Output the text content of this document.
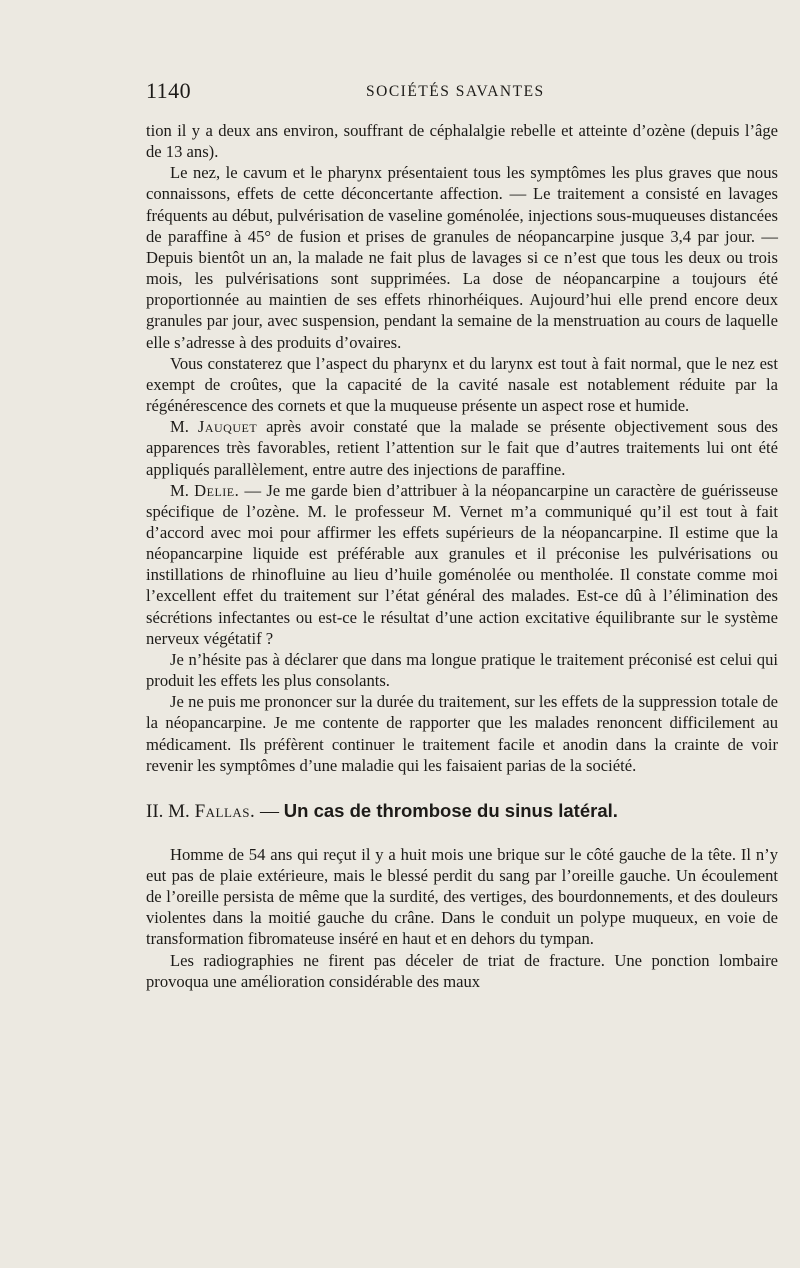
1140	SOCIÉTÉS SAVANTES

tion il y a deux ans environ, souffrant de céphalalgie rebelle et atteinte d’ozène (depuis l’âge de 13 ans).

Le nez, le cavum et le pharynx présentaient tous les symptômes les plus graves que nous connaissons, effets de cette déconcertante affection. — Le traitement a consisté en lavages fréquents au début, pulvérisation de vaseline goménolée, injections sous-muqueuses distancées de paraffine à 45° de fusion et prises de granules de néopancarpine jusque 3,4 par jour. — Depuis bientôt un an, la malade ne fait plus de lavages si ce n’est que tous les deux ou trois mois, les pulvérisations sont supprimées. La dose de néopancarpine a toujours été proportionnée au maintien de ses effets rhinorhéiques. Aujourd’hui elle prend encore deux granules par jour, avec suspension, pendant la semaine de la menstruation au cours de laquelle elle s’adresse à des produits d’ovaires.

Vous constaterez que l’aspect du pharynx et du larynx est tout à fait normal, que le nez est exempt de croûtes, que la capacité de la cavité nasale est notablement réduite par la régénérescence des cornets et que la muqueuse présente un aspect rose et humide.

M. Jauquet après avoir constaté que la malade se présente objectivement sous des apparences très favorables, retient l’attention sur le fait que d’autres traitements lui ont été appliqués parallèlement, entre autre des injections de paraffine.

M. Delie. — Je me garde bien d’attribuer à la néopancarpine un caractère de guérisseuse spécifique de l’ozène. M. le professeur M. Vernet m’a communiqué qu’il est tout à fait d’accord avec moi pour affirmer les effets supérieurs de la néopancarpine. Il estime que la néopancarpine liquide est préférable aux granules et il préconise les pulvérisations ou instillations de rhinofluine au lieu d’huile goménolée ou mentholée. Il constate comme moi l’excellent effet du traitement sur l’état général des malades. Est-ce dû à l’élimination des sécrétions infectantes ou est-ce le résultat d’une action excitative équilibrante sur le système nerveux végétatif ?

Je n’hésite pas à déclarer que dans ma longue pratique le traitement préconisé est celui qui produit les effets les plus consolants.

Je ne puis me prononcer sur la durée du traitement, sur les effets de la suppression totale de la néopancarpine. Je me contente de rapporter que les malades renoncent difficilement au médicament. Ils préfèrent continuer le traitement facile et anodin dans la crainte de voir revenir les symptômes d’une maladie qui les faisaient parias de la société.

II. M. Fallas. — Un cas de thrombose du sinus latéral.

Homme de 54 ans qui reçut il y a huit mois une brique sur le côté gauche de la tête. Il n’y eut pas de plaie extérieure, mais le blessé perdit du sang par l’oreille gauche. Un écoulement de l’oreille persista de même que la surdité, des vertiges, des bourdonnements, et des douleurs violentes dans la moitié gauche du crâne. Dans le conduit un polype muqueux, en voie de transformation fibromateuse inséré en haut et en dehors du tympan.

Les radiographies ne firent pas déceler de triat de fracture. Une ponction lombaire provoqua une amélioration considérable des maux
